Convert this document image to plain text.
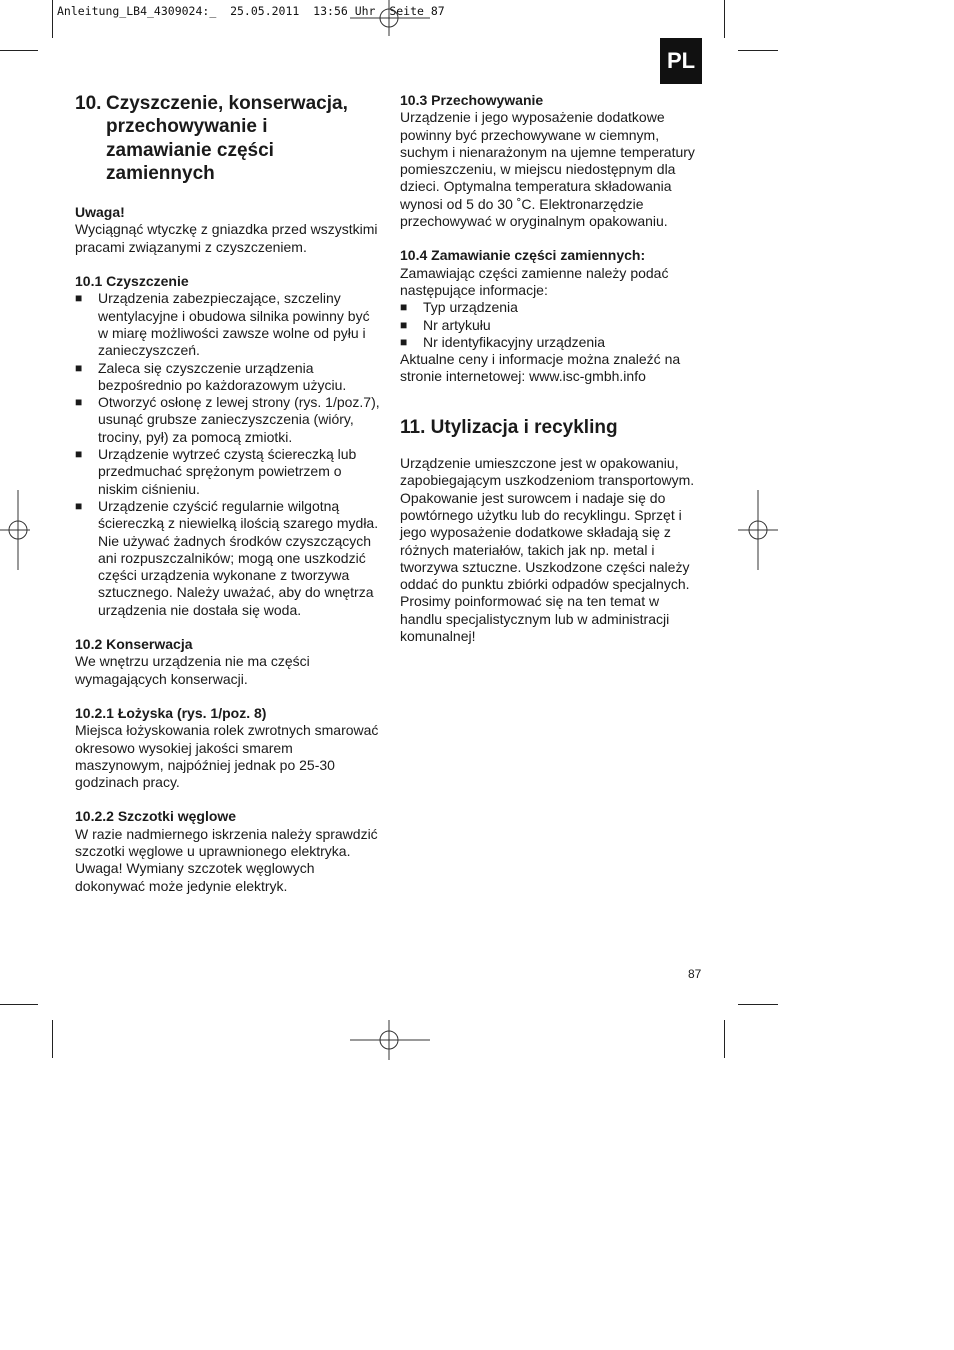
Anleitung_LB4_4309024:_  25.05.2011  13:56 Uhr  Seite 87
PL
10. Czyszczenie, konserwacja,
przechowywanie i
zamawianie części
zamiennych

Uwaga!

Wyciągnąć wtyczkę z gniazdka przed wszystkimi pracami związanymi z czyszczeniem.

10.1 Czyszczenie

■ Urządzenia zabezpieczające, szczeliny wentylacyjne i obudowa silnika powinny być w miarę możliwości zawsze wolne od pyłu i zanieczyszczeń.
■ Zaleca się czyszczenie urządzenia bezpośrednio po każdorazowym użyciu.
■ Otworzyć osłonę z lewej strony (rys. 1/poz.7), usunąć grubsze zanieczyszczenia (wióry, trociny, pył) za pomocą zmiotki.
■ Urządzenie wytrzeć czystą ściereczką lub przedmuchać sprężonym powietrzem o niskim ciśnieniu.
■ Urządzenie czyścić regularnie wilgotną ściereczką z niewielką ilością szarego mydła. Nie używać żadnych środków czyszczących ani rozpuszczalników; mogą one uszkodzić części urządzenia wykonane z tworzywa sztucznego. Należy uważać, aby do wnętrza urządzenia nie dostała się woda.

10.2 Konserwacja

We wnętrzu urządzenia nie ma części wymagających konserwacji.

10.2.1 Łożyska (rys. 1/poz. 8)

Miejsca łożyskowania rolek zwrotnych smarować okresowo wysokiej jakości smarem maszynowym, najpóźniej jednak po 25-30 godzinach pracy.

10.2.2 Szczotki węglowe

W razie nadmiernego iskrzenia należy sprawdzić szczotki węglowe u uprawnionego elektryka. Uwaga! Wymiany szczotek węglowych dokonywać może jedynie elektryk.

10.3 Przechowywanie

Urządzenie i jego wyposażenie dodatkowe powinny być przechowywane w ciemnym, suchym i nienarażonym na ujemne temperatury pomieszczeniu, w miejscu niedostępnym dla dzieci. Optymalna temperatura składowania wynosi od 5 do 30 ˚C. Elektronarzędzie przechowywać w oryginalnym opakowaniu.

10.4 Zamawianie części zamiennych:

Zamawiając części zamienne należy podać następujące informacje:

■ Typ urządzenia
■ Nr artykułu
■ Nr identyfikacyjny urządzenia

Aktualne ceny i informacje można znaleźć na stronie internetowej: www.isc-gmbh.info

11. Utylizacja i recykling

Urządzenie umieszczone jest w opakowaniu, zapobiegającym uszkodzeniom transportowym. Opakowanie jest surowcem i nadaje się do powtórnego użytku lub do recyklingu. Sprzęt i jego wyposażenie dodatkowe składają się z różnych materiałów, takich jak np. metal i tworzywa sztuczne. Uszkodzone części należy oddać do punktu zbiórki odpadów specjalnych. Prosimy poinformować się na ten temat w handlu specjalistycznym lub w administracji komunalnej!

87
